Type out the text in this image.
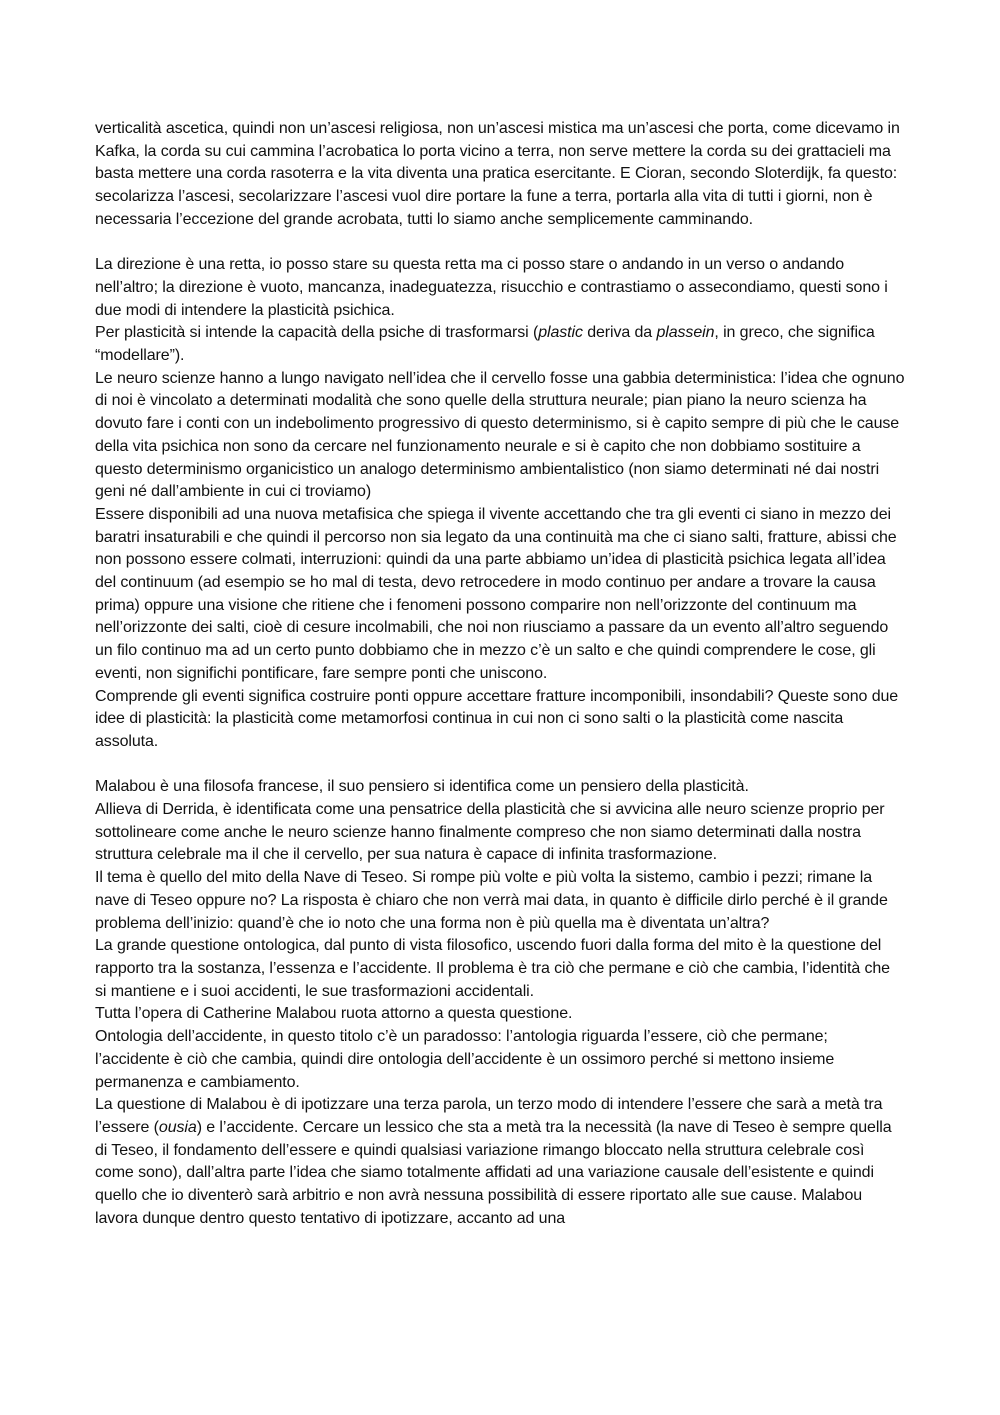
verticalità ascetica, quindi non un’ascesi religiosa, non un’ascesi mistica ma un’ascesi che porta, come dicevamo in Kafka, la corda su cui cammina l’acrobatica lo porta vicino a terra, non serve mettere la corda su dei grattacieli ma basta mettere una corda rasoterra e la vita diventa una pratica esercitante. E Cioran, secondo Sloterdijk, fa questo: secolarizza l’ascesi, secolarizzare l’ascesi vuol dire portare la fune a terra, portarla alla vita di tutti i giorni, non è necessaria l’eccezione del grande acrobata, tutti lo siamo anche semplicemente camminando.

La direzione è una retta, io posso stare su questa retta ma ci posso stare o andando in un verso o andando nell’altro; la direzione è vuoto, mancanza, inadeguatezza, risucchio e contrastiamo o assecondiamo, questi sono i due modi di intendere la plasticità psichica.

Per plasticità si intende la capacità della psiche di trasformarsi (plastic deriva da plassein, in greco, che significa “modellare”).

Le neuro scienze hanno a lungo navigato nell’idea che il cervello fosse una gabbia deterministica: l’idea che ognuno di noi è vincolato a determinati modalità che sono quelle della struttura neurale; pian piano la neuro scienza ha dovuto fare i conti con un indebolimento progressivo di questo determinismo, si è capito sempre di più che le cause della vita psichica non sono da cercare nel funzionamento neurale e si è capito che non dobbiamo sostituire a questo determinismo organicistico un analogo determinismo ambientalistico (non siamo determinati né dai nostri geni né dall’ambiente in cui ci troviamo)

Essere disponibili ad una nuova metafisica che spiega il vivente accettando che tra gli eventi ci siano in mezzo dei baratri insaturabili e che quindi il percorso non sia legato da una continuità ma che ci siano salti, fratture, abissi che non possono essere colmati, interruzioni: quindi da una parte abbiamo un’idea di plasticità psichica legata all’idea del continuum (ad esempio se ho mal di testa, devo retrocedere in modo continuo per andare a trovare la causa prima) oppure una visione che ritiene che i fenomeni possono comparire non nell’orizzonte del continuum ma nell’orizzonte dei salti, cioè di cesure incolmabili, che noi non riusciamo a passare da un evento all’altro seguendo un filo continuo ma ad un certo punto dobbiamo che in mezzo c’è un salto e che quindi comprendere le cose, gli eventi, non significhi pontificare, fare sempre ponti che uniscono.

Comprende gli eventi significa costruire ponti oppure accettare fratture incomponibili, insondabili? Queste sono due idee di plasticità: la plasticità come metamorfosi continua in cui non ci sono salti o la plasticità come nascita assoluta.

Malabou è una filosofa francese, il suo pensiero si identifica come un pensiero della plasticità.

Allieva di Derrida, è identificata come una pensatrice della plasticità che si avvicina alle neuro scienze proprio per sottolineare come anche le neuro scienze hanno finalmente compreso che non siamo determinati dalla nostra struttura celebrale ma il che il cervello, per sua natura è capace di infinita trasformazione.

Il tema è quello del mito della Nave di Teseo. Si rompe più volte e più volta la sistemo, cambio i pezzi; rimane la nave di Teseo oppure no? La risposta è chiaro che non verrà mai data, in quanto è difficile dirlo perché è il grande problema dell’inizio: quand’è che io noto che una forma non è più quella ma è diventata un’altra?

La grande questione ontologica, dal punto di vista filosofico, uscendo fuori dalla forma del mito è la questione del rapporto tra la sostanza, l’essenza e l’accidente. Il problema è tra ciò che permane e ciò che cambia, l’identità che si mantiene e i suoi accidenti, le sue trasformazioni accidentali.

Tutta l’opera di Catherine Malabou ruota attorno a questa questione.

Ontologia dell’accidente, in questo titolo c’è un paradosso: l’antologia riguarda l’essere, ciò che permane; l’accidente è ciò che cambia, quindi dire ontologia dell’accidente è un ossimoro perché si mettono insieme permanenza e cambiamento.

La questione di Malabou è di ipotizzare una terza parola, un terzo modo di intendere l’essere che sarà a metà tra l’essere (ousia) e l’accidente. Cercare un lessico che sta a metà tra la necessità (la nave di Teseo è sempre quella di Teseo, il fondamento dell’essere e quindi qualsiasi variazione rimango bloccato nella struttura celebrale così come sono), dall’altra parte l’idea che siamo totalmente affidati ad una variazione causale dell’esistente e quindi quello che io diventerò sarà arbitrio e non avrà nessuna possibilità di essere riportato alle sue cause. Malabou lavora dunque dentro questo tentativo di ipotizzare, accanto ad una
